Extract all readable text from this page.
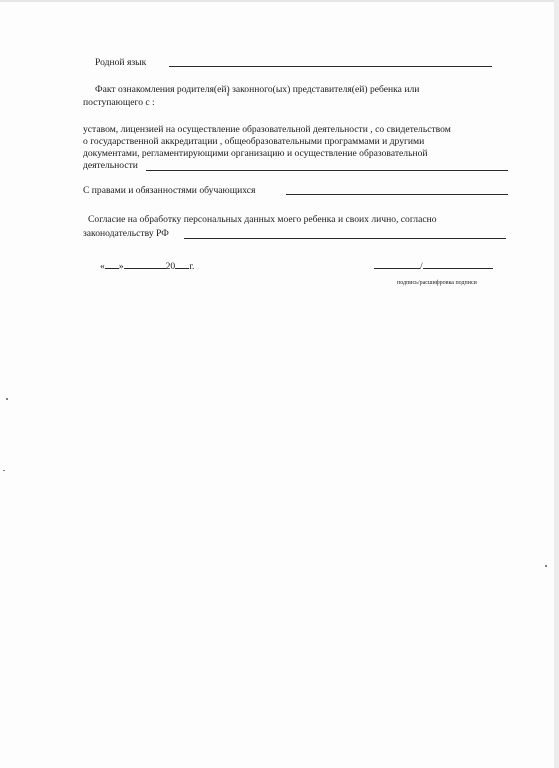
Родной язык
Факт ознакомления родителя(ей) законного(ых) представителя(ей) ребенка или
поступающего с :
уставом, лицензией на осуществление образовательной деятельности , со свидетельством
о государственной аккредитации , общеобразовательными программами и другими
документами, регламентирующими организацию и осуществление образовательной
деятельности
С правами и обязанностями обучающихся
Согласие на обработку персональных данных моего ребенка и своих лично, согласно
законодательству РФ
« »	20 г.	/
подпись/расшифровка подписи
